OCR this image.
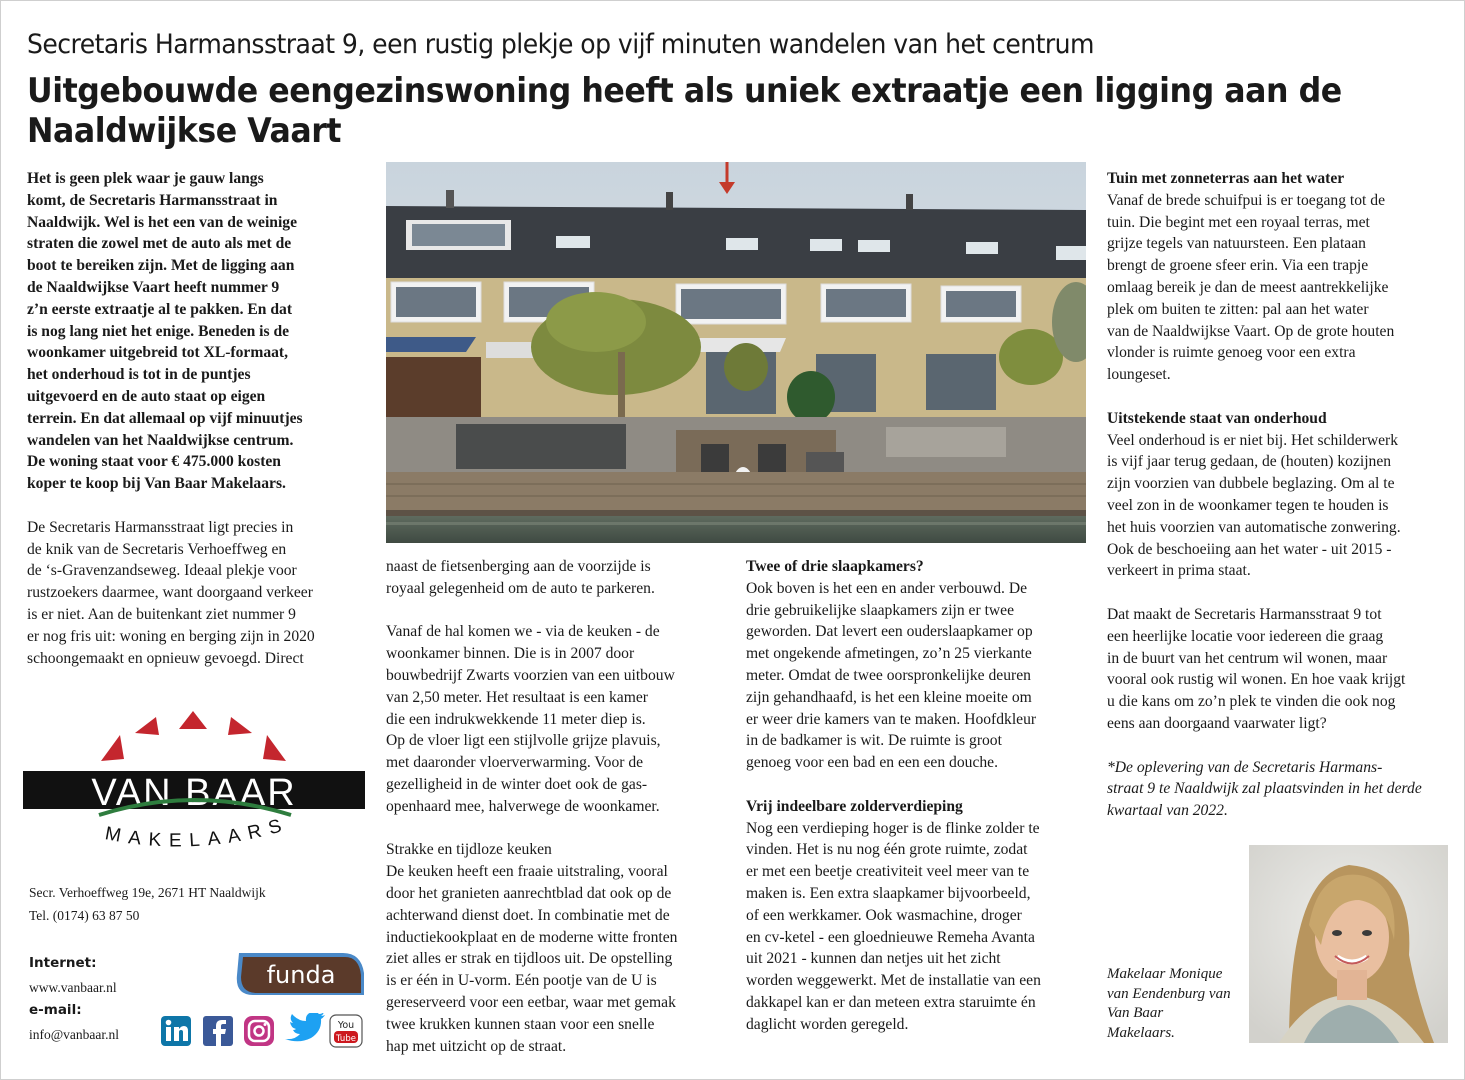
Secretaris Harmansstraat 9, een rustig plekje op vijf minuten wandelen van het centrum
Uitgebouwde eengezinswoning heeft als uniek extraatje een ligging aan de
Naaldwijkse Vaart
Het is geen plek waar je gauw langs
komt, de Secretaris Harmansstraat in
Naaldwijk. Wel is het een van de weinige
straten die zowel met de auto als met de
boot te bereiken zijn. Met de ligging aan
de Naaldwijkse Vaart heeft nummer 9
z’n eerste extraatje al te pakken. En dat
is nog lang niet het enige. Beneden is de
woonkamer uitgebreid tot XL-formaat,
het onderhoud is tot in de puntjes
uitgevoerd en de auto staat op eigen
terrein. En dat allemaal op vijf minuutjes
wandelen van het Naaldwijkse centrum.
De woning staat voor € 475.000 kosten
koper te koop bij Van Baar Makelaars.
De Secretaris Harmansstraat ligt precies in
de knik van de Secretaris Verhoeffweg en
de ‘s-Gravenzandseweg. Ideaal plekje voor
rustzoekers daarmee, want doorgaand verkeer
is er niet. Aan de buitenkant ziet nummer 9
er nog fris uit: woning en berging zijn in 2020
schoongemaakt en opnieuw gevoegd. Direct
VAN BAAR
MAKELAARS
Secr. Verhoeffweg 19e, 2671 HT Naaldwijk
Tel. (0174) 63 87 50
Internet:
www.vanbaar.nl
e-mail:
info@vanbaar.nl
funda
You
Tube
naast de fietsenberging aan de voorzijde is
royaal gelegenheid om de auto te parkeren.
Vanaf de hal komen we - via de keuken - de
woonkamer binnen. Die is in 2007 door
bouwbedrijf Zwarts voorzien van een uitbouw
van 2,50 meter. Het resultaat is een kamer
die een indrukwekkende 11 meter diep is.
Op de vloer ligt een stijlvolle grijze plavuis,
met daaronder vloerverwarming. Voor de
gezelligheid in de winter doet ook de gas-
openhaard mee, halverwege de woonkamer.
Strakke en tijdloze keuken
De keuken heeft een fraaie uitstraling, vooral
door het granieten aanrechtblad dat ook op de
achterwand dienst doet. In combinatie met de
inductiekookplaat en de moderne witte fronten
ziet alles er strak en tijdloos uit. De opstelling
is er één in U-vorm. Eén pootje van de U is
gereserveerd voor een eetbar, waar met gemak
twee krukken kunnen staan voor een snelle
hap met uitzicht op de straat.
Twee of drie slaapkamers?
Ook boven is het een en ander verbouwd. De
drie gebruikelijke slaapkamers zijn er twee
geworden. Dat levert een ouderslaapkamer op
met ongekende afmetingen, zo’n 25 vierkante
meter. Omdat de twee oorspronkelijke deuren
zijn gehandhaafd, is het een kleine moeite om
er weer drie kamers van te maken. Hoofdkleur
in de badkamer is wit. De ruimte is groot
genoeg voor een bad en een een douche.
Vrij indeelbare zolderverdieping
Nog een verdieping hoger is de flinke zolder te
vinden. Het is nu nog één grote ruimte, zodat
er met een beetje creativiteit veel meer van te
maken is. Een extra slaapkamer bijvoorbeeld,
of een werkkamer. Ook wasmachine, droger
en cv-ketel - een gloednieuwe Remeha Avanta
uit 2021 - kunnen dan netjes uit het zicht
worden weggewerkt. Met de installatie van een
dakkapel kan er dan meteen extra staruimte én
daglicht worden geregeld.
Tuin met zonneterras aan het water
Vanaf de brede schuifpui is er toegang tot de
tuin. Die begint met een royaal terras, met
grijze tegels van natuursteen. Een plataan
brengt de groene sfeer erin. Via een trapje
omlaag bereik je dan de meest aantrekkelijke
plek om buiten te zitten: pal aan het water
van de Naaldwijkse Vaart. Op de grote houten
vlonder is ruimte genoeg voor een extra
loungeset.
Uitstekende staat van onderhoud
Veel onderhoud is er niet bij. Het schilderwerk
is vijf jaar terug gedaan, de (houten) kozijnen
zijn voorzien van dubbele beglazing. Om al te
veel zon in de woonkamer tegen te houden is
het huis voorzien van automatische zonwering.
Ook de beschoeiing aan het water - uit 2015 -
verkeert in prima staat.
Dat maakt de Secretaris Harmansstraat 9 tot
een heerlijke locatie voor iedereen die graag
in de buurt van het centrum wil wonen, maar
vooral ook rustig wil wonen. En hoe vaak krijgt
u die kans om zo’n plek te vinden die ook nog
eens aan doorgaand vaarwater ligt?
*De oplevering van de Secretaris Harmans-
straat 9 te Naaldwijk zal plaatsvinden in het derde
kwartaal van 2022.
Makelaar Monique
van Eendenburg van
Van Baar
Makelaars.
